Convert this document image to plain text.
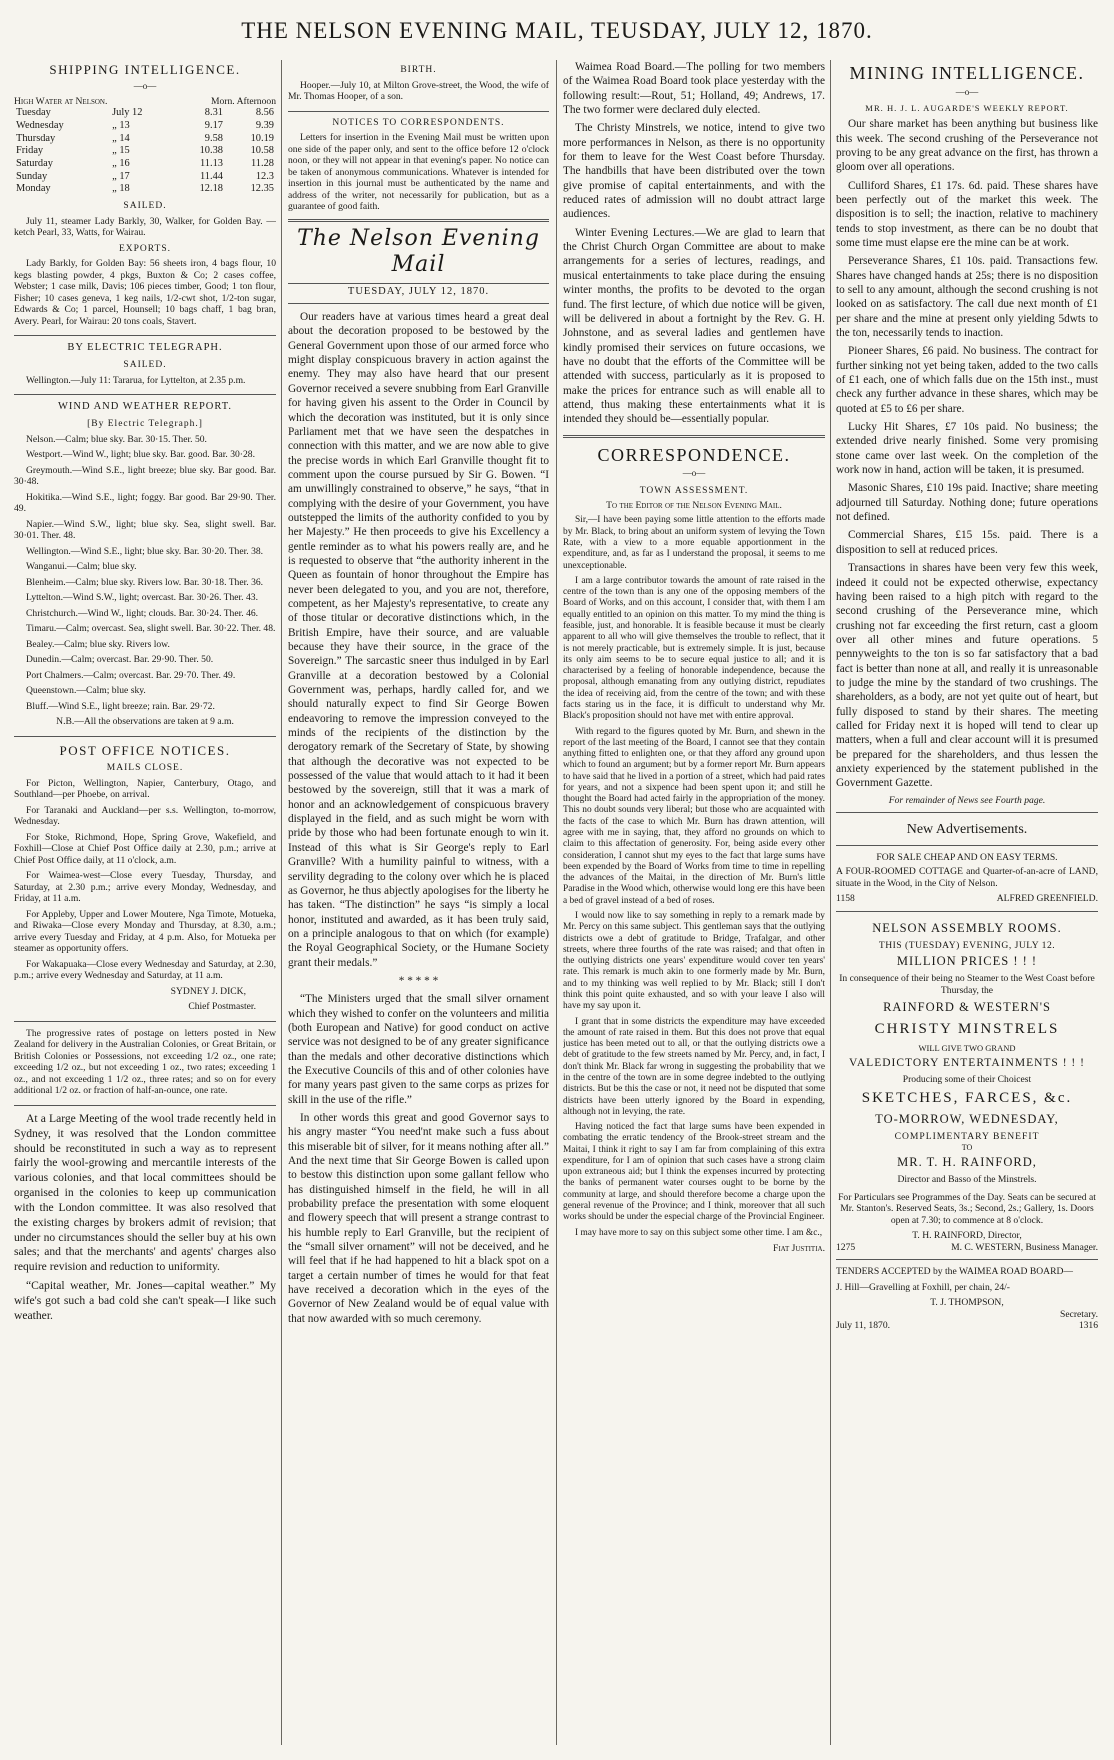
THE NELSON EVENING MAIL, TEUSDAY, JULY 12, 1870.
SHIPPING INTELLIGENCE.
—o—
High Water at Nelson.	Morn. Afternoon
Tuesday	July 12	8.31	8.56
Wednesday	„ 13	9.17	9.39
Thursday	„ 14	9.58	10.19
Friday	„ 15	10.38	10.58
Saturday	„ 16	11.13	11.28
Sunday	„ 17	11.44	12.3
Monday	„ 18	12.18	12.35
SAILED.

July 11, steamer Lady Barkly, 30, Walker, for Golden Bay. — ketch Pearl, 33, Watts, for Wairau.

EXPORTS.

Lady Barkly, for Golden Bay: 56 sheets iron, 4 bags flour, 10 kegs blasting powder, 4 pkgs, Buxton & Co; 2 cases coffee, Webster; 1 case milk, Davis; 106 pieces timber, Good; 1 ton flour, Fisher; 10 cases geneva, 1 keg nails, 1/2-cwt shot, 1/2-ton sugar, Edwards & Co; 1 parcel, Hounsell; 10 bags chaff, 1 bag bran, Avery. Pearl, for Wairau: 20 tons coals, Stavert.

BY ELECTRIC TELEGRAPH.
SAILED.

Wellington.—July 11: Tararua, for Lyttelton, at 2.35 p.m.

WIND AND WEATHER REPORT.
[By Electric Telegraph.]

Nelson.—Calm; blue sky. Bar. 30·15. Ther. 50.

Westport.—Wind W., light; blue sky. Bar. good. Bar. 30·28.

Greymouth.—Wind S.E., light breeze; blue sky. Bar good. Bar. 30·48.

Hokitika.—Wind S.E., light; foggy. Bar good. Bar 29·90. Ther. 49.

Napier.—Wind S.W., light; blue sky. Sea, slight swell. Bar. 30·01. Ther. 48.

Wellington.—Wind S.E., light; blue sky. Bar. 30·20. Ther. 38.

Wanganui.—Calm; blue sky.

Blenheim.—Calm; blue sky. Rivers low. Bar. 30·18. Ther. 36.

Lyttelton.—Wind S.W., light; overcast. Bar. 30·26. Ther. 43.

Christchurch.—Wind W., light; clouds. Bar. 30·24. Ther. 46.

Timaru.—Calm; overcast. Sea, slight swell. Bar. 30·22. Ther. 48.

Bealey.—Calm; blue sky. Rivers low.

Dunedin.—Calm; overcast. Bar. 29·90. Ther. 50.

Port Chalmers.—Calm; overcast. Bar. 29·70. Ther. 49.

Queenstown.—Calm; blue sky.

Bluff.—Wind S.E., light breeze; rain. Bar. 29·72.

N.B.—All the observations are taken at 9 a.m.

POST OFFICE NOTICES.
MAILS CLOSE.

For Picton, Wellington, Napier, Canterbury, Otago, and Southland—per Phoebe, on arrival.

For Taranaki and Auckland—per s.s. Wellington, to-morrow, Wednesday.

For Stoke, Richmond, Hope, Spring Grove, Wakefield, and Foxhill—Close at Chief Post Office daily at 2.30, p.m.; arrive at Chief Post Office daily, at 11 o'clock, a.m.

For Waimea-west—Close every Tuesday, Thursday, and Saturday, at 2.30 p.m.; arrive every Monday, Wednesday, and Friday, at 11 a.m.

For Appleby, Upper and Lower Moutere, Nga Timote, Motueka, and Riwaka—Close every Monday and Thursday, at 8.30, a.m.; arrive every Tuesday and Friday, at 4 p.m. Also, for Motueka per steamer as opportunity offers.

For Wakapuaka—Close every Wednesday and Saturday, at 2.30, p.m.; arrive every Wednesday and Saturday, at 11 a.m.

SYDNEY J. DICK,

Chief Postmaster.

The progressive rates of postage on letters posted in New Zealand for delivery in the Australian Colonies, or Great Britain, or British Colonies or Possessions, not exceeding 1/2 oz., one rate; exceeding 1/2 oz., but not exceeding 1 oz., two rates; exceeding 1 oz., and not exceeding 1 1/2 oz., three rates; and so on for every additional 1/2 oz. or fraction of half-an-ounce, one rate.

At a Large Meeting of the wool trade recently held in Sydney, it was resolved that the London committee should be reconstituted in such a way as to represent fairly the wool-growing and mercantile interests of the various colonies, and that local committees should be organised in the colonies to keep up communication with the London committee. It was also resolved that the existing charges by brokers admit of revision; that under no circumstances should the seller buy at his own sales; and that the merchants' and agents' charges also require revision and reduction to uniformity.

“Capital weather, Mr. Jones—capital weather.” My wife's got such a bad cold she can't speak—I like such weather.

BIRTH.

Hooper.—July 10, at Milton Grove-street, the Wood, the wife of Mr. Thomas Hooper, of a son.

NOTICES TO CORRESPONDENTS.

Letters for insertion in the Evening Mail must be written upon one side of the paper only, and sent to the office before 12 o'clock noon, or they will not appear in that evening's paper. No notice can be taken of anonymous communications. Whatever is intended for insertion in this journal must be authenticated by the name and address of the writer, not necessarily for publication, but as a guarantee of good faith.

The Nelson Evening Mail
TUESDAY, JULY 12, 1870.

Our readers have at various times heard a great deal about the decoration proposed to be bestowed by the General Government upon those of our armed force who might display conspicuous bravery in action against the enemy. They may also have heard that our present Governor received a severe snubbing from Earl Granville for having given his assent to the Order in Council by which the decoration was instituted, but it is only since Parliament met that we have seen the despatches in connection with this matter, and we are now able to give the precise words in which Earl Granville thought fit to comment upon the course pursued by Sir G. Bowen. “I am unwillingly constrained to observe,” he says, “that in complying with the desire of your Government, you have outstepped the limits of the authority confided to you by her Majesty.” He then proceeds to give his Excellency a gentle reminder as to what his powers really are, and he is requested to observe that “the authority inherent in the Queen as fountain of honor throughout the Empire has never been delegated to you, and you are not, therefore, competent, as her Majesty's representative, to create any of those titular or decorative distinctions which, in the British Empire, have their source, and are valuable because they have their source, in the grace of the Sovereign.” The sarcastic sneer thus indulged in by Earl Granville at a decoration bestowed by a Colonial Government was, perhaps, hardly called for, and we should naturally expect to find Sir George Bowen endeavoring to remove the impression conveyed to the minds of the recipients of the distinction by the derogatory remark of the Secretary of State, by showing that although the decorative was not expected to be possessed of the value that would attach to it had it been bestowed by the sovereign, still that it was a mark of honor and an acknowledgement of conspicuous bravery displayed in the field, and as such might be worn with pride by those who had been fortunate enough to win it. Instead of this what is Sir George's reply to Earl Granville? With a humility painful to witness, with a servility degrading to the colony over which he is placed as Governor, he thus abjectly apologises for the liberty he has taken. “The distinction” he says “is simply a local honor, instituted and awarded, as it has been truly said, on a principle analogous to that on which (for example) the Royal Geographical Society, or the Humane Society grant their medals.”

* * * * *

“The Ministers urged that the small silver ornament which they wished to confer on the volunteers and militia (both European and Native) for good conduct on active service was not designed to be of any greater significance than the medals and other decorative distinctions which the Executive Councils of this and of other colonies have for many years past given to the same corps as prizes for skill in the use of the rifle.”

In other words this great and good Governor says to his angry master “You need'nt make such a fuss about this miserable bit of silver, for it means nothing after all.” And the next time that Sir George Bowen is called upon to bestow this distinction upon some gallant fellow who has distinguished himself in the field, he will in all probability preface the presentation with some eloquent and flowery speech that will present a strange contrast to his humble reply to Earl Granville, but the recipient of the “small silver ornament” will not be deceived, and he will feel that if he had happened to hit a black spot on a target a certain number of times he would for that feat have received a decoration which in the eyes of the Governor of New Zealand would be of equal value with that now awarded with so much ceremony.

Waimea Road Board.—The polling for two members of the Waimea Road Board took place yesterday with the following result:—Rout, 51; Holland, 49; Andrews, 17. The two former were declared duly elected.

The Christy Minstrels, we notice, intend to give two more performances in Nelson, as there is no opportunity for them to leave for the West Coast before Thursday. The handbills that have been distributed over the town give promise of capital entertainments, and with the reduced rates of admission will no doubt attract large audiences.

Winter Evening Lectures.—We are glad to learn that the Christ Church Organ Committee are about to make arrangements for a series of lectures, readings, and musical entertainments to take place during the ensuing winter months, the profits to be devoted to the organ fund. The first lecture, of which due notice will be given, will be delivered in about a fortnight by the Rev. G. H. Johnstone, and as several ladies and gentlemen have kindly promised their services on future occasions, we have no doubt that the efforts of the Committee will be attended with success, particularly as it is proposed to make the prices for entrance such as will enable all to attend, thus making these entertainments what it is intended they should be—essentially popular.

CORRESPONDENCE.
—o—
TOWN ASSESSMENT.

To the Editor of the Nelson Evening Mail.

Sir,—I have been paying some little attention to the efforts made by Mr. Black, to bring about an uniform system of levying the Town Rate, with a view to a more equable apportionment in the expenditure, and, as far as I understand the proposal, it seems to me unexceptionable.

I am a large contributor towards the amount of rate raised in the centre of the town than is any one of the opposing members of the Board of Works, and on this account, I consider that, with them I am equally entitled to an opinion on this matter. To my mind the thing is feasible, just, and honorable. It is feasible because it must be clearly apparent to all who will give themselves the trouble to reflect, that it is not merely practicable, but is extremely simple. It is just, because its only aim seems to be to secure equal justice to all; and it is characterised by a feeling of honorable independence, because the proposal, although emanating from any outlying district, repudiates the idea of receiving aid, from the centre of the town; and with these facts staring us in the face, it is difficult to understand why Mr. Black's proposition should not have met with entire approval.

With regard to the figures quoted by Mr. Burn, and shewn in the report of the last meeting of the Board, I cannot see that they contain anything fitted to enlighten one, or that they afford any ground upon which to found an argument; but by a former report Mr. Burn appears to have said that he lived in a portion of a street, which had paid rates for years, and not a sixpence had been spent upon it; and still he thought the Board had acted fairly in the appropriation of the money. This no doubt sounds very liberal; but those who are acquainted with the facts of the case to which Mr. Burn has drawn attention, will agree with me in saying, that, they afford no grounds on which to claim to this affectation of generosity. For, being aside every other consideration, I cannot shut my eyes to the fact that large sums have been expended by the Board of Works from time to time in repelling the advances of the Maitai, in the direction of Mr. Burn's little Paradise in the Wood which, otherwise would long ere this have been a bed of gravel instead of a bed of roses.

I would now like to say something in reply to a remark made by Mr. Percy on this same subject. This gentleman says that the outlying districts owe a debt of gratitude to Bridge, Trafalgar, and other streets, where three fourths of the rate was raised; and that often in the outlying districts one years' expenditure would cover ten years' rate. This remark is much akin to one formerly made by Mr. Burn, and to my thinking was well replied to by Mr. Black; still I don't think this point quite exhausted, and so with your leave I also will have my say upon it.

I grant that in some districts the expenditure may have exceeded the amount of rate raised in them. But this does not prove that equal justice has been meted out to all, or that the outlying districts owe a debt of gratitude to the few streets named by Mr. Percy, and, in fact, I don't think Mr. Black far wrong in suggesting the probability that we in the centre of the town are in some degree indebted to the outlying districts. But be this the case or not, it need not be disputed that some districts have been utterly ignored by the Board in expending, although not in levying, the rate.

Having noticed the fact that large sums have been expended in combating the erratic tendency of the Brook-street stream and the Maitai, I think it right to say I am far from complaining of this extra expenditure, for I am of opinion that such cases have a strong claim upon extraneous aid; but I think the expenses incurred by protecting the banks of permanent water courses ought to be borne by the community at large, and should therefore become a charge upon the general revenue of the Province; and I think, moreover that all such works should be under the especial charge of the Provincial Engineer.

I may have more to say on this subject some other time. I am &c.,

Fiat Justitia.

MINING INTELLIGENCE.
—o—
MR. H. J. L. AUGARDE'S WEEKLY REPORT.

Our share market has been anything but business like this week. The second crushing of the Perseverance not proving to be any great advance on the first, has thrown a gloom over all operations.

Culliford Shares, £1 17s. 6d. paid. These shares have been perfectly out of the market this week. The disposition is to sell; the inaction, relative to machinery tends to stop investment, as there can be no doubt that some time must elapse ere the mine can be at work.

Perseverance Shares, £1 10s. paid. Transactions few. Shares have changed hands at 25s; there is no disposition to sell to any amount, although the second crushing is not looked on as satisfactory. The call due next month of £1 per share and the mine at present only yielding 5dwts to the ton, necessarily tends to inaction.

Pioneer Shares, £6 paid. No business. The contract for further sinking not yet being taken, added to the two calls of £1 each, one of which falls due on the 15th inst., must check any further advance in these shares, which may be quoted at £5 to £6 per share.

Lucky Hit Shares, £7 10s paid. No business; the extended drive nearly finished. Some very promising stone came over last week. On the completion of the work now in hand, action will be taken, it is presumed.

Masonic Shares, £10 19s paid. Inactive; share meeting adjourned till Saturday. Nothing done; future operations not defined.

Commercial Shares, £15 15s. paid. There is a disposition to sell at reduced prices.

Transactions in shares have been very few this week, indeed it could not be expected otherwise, expectancy having been raised to a high pitch with regard to the second crushing of the Perseverance mine, which crushing not far exceeding the first return, cast a gloom over all other mines and future operations. 5 pennyweights to the ton is so far satisfactory that a bad fact is better than none at all, and really it is unreasonable to judge the mine by the standard of two crushings. The shareholders, as a body, are not yet quite out of heart, but fully disposed to stand by their shares. The meeting called for Friday next it is hoped will tend to clear up matters, when a full and clear account will it is presumed be prepared for the shareholders, and thus lessen the anxiety experienced by the statement published in the Government Gazette.

For remainder of News see Fourth page.

New Advertisements.
FOR SALE CHEAP AND ON EASY TERMS.

A FOUR-ROOMED COTTAGE and Quarter-of-an-acre of LAND, situate in the Wood, in the City of Nelson.

1158	ALFRED GREENFIELD.
NELSON ASSEMBLY ROOMS.
THIS (TUESDAY) EVENING, JULY 12.
MILLION PRICES ! ! !

In consequence of their being no Steamer to the West Coast before Thursday, the

RAINFORD & WESTERN'S
CHRISTY MINSTRELS
WILL GIVE TWO GRAND
VALEDICTORY ENTERTAINMENTS ! ! !
Producing some of their Choicest
SKETCHES, FARCES, &c.
TO-MORROW, WEDNESDAY,
COMPLIMENTARY BENEFIT
TO
MR. T. H. RAINFORD,
Director and Basso of the Minstrels.

For Particulars see Programmes of the Day. Seats can be secured at Mr. Stanton's. Reserved Seats, 3s.; Second, 2s.; Gallery, 1s. Doors open at 7.30; to commence at 8 o'clock.

T. H. RAINFORD, Director,
1275	M. C. WESTERN, Business Manager.

TENDERS ACCEPTED by the WAIMEA ROAD BOARD—

J. Hill—Gravelling at Foxhill, per chain, 24/-

T. J. THOMPSON,
Secretary.
July 11, 1870.	1316
